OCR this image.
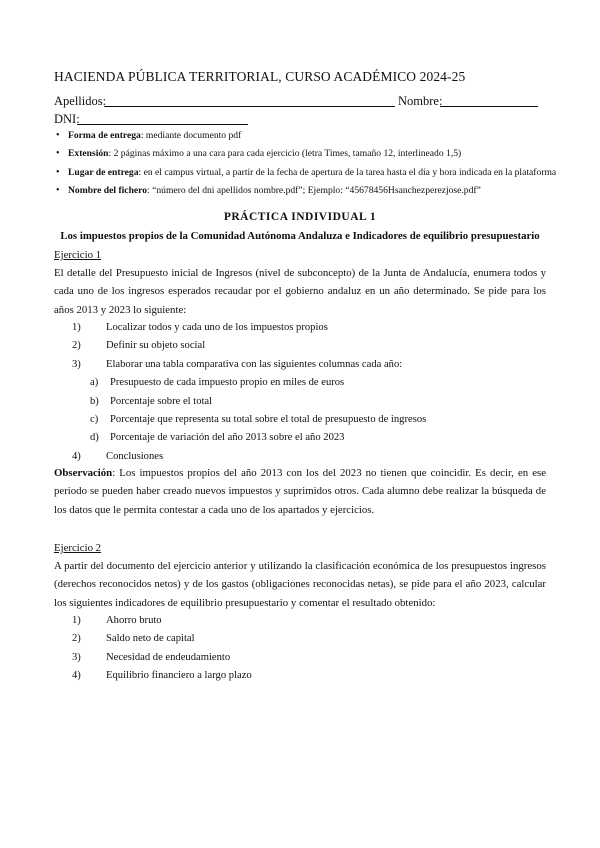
HACIENDA PÚBLICA TERRITORIAL, CURSO ACADÉMICO 2024-25
Apellidos:	Nombre:
DNI:
• Forma de entrega: mediante documento pdf
• Extensión: 2 páginas máximo a una cara para cada ejercicio (letra Times, tamaño 12, interlineado 1,5)
• Lugar de entrega: en el campus virtual, a partir de la fecha de apertura de la tarea hasta el día y hora indicada en la plataforma
• Nombre del fichero: “número del dni apellidos nombre.pdf”; Ejemplo: “45678456Hsanchezperezjose.pdf”
PRÁCTICA INDIVIDUAL 1
Los impuestos propios de la Comunidad Autónoma Andaluza e Indicadores de equilibrio presupuestario
Ejercicio 1
El detalle del Presupuesto inicial de Ingresos (nivel de subconcepto) de la Junta de Andalucía, enumera todos y cada uno de los ingresos esperados recaudar por el gobierno andaluz en un año determinado. Se pide para los años 2013 y 2023 lo siguiente:
1) Localizar todos y cada uno de los impuestos propios
2) Definir su objeto social
3) Elaborar una tabla comparativa con las siguientes columnas cada año:
a) Presupuesto de cada impuesto propio en miles de euros
b) Porcentaje sobre el total
c) Porcentaje que representa su total sobre el total de presupuesto de ingresos
d) Porcentaje de variación del año 2013 sobre el año 2023
4) Conclusiones
Observación: Los impuestos propios del año 2013 con los del 2023 no tienen que coincidir. Es decir, en ese periodo se pueden haber creado nuevos impuestos y suprimidos otros. Cada alumno debe realizar la búsqueda de los datos que le permita contestar a cada uno de los apartados y ejercicios.
Ejercicio 2
A partir del documento del ejercicio anterior y utilizando la clasificación económica de los presupuestos ingresos (derechos reconocidos netos) y de los gastos (obligaciones reconocidas netas), se pide para el año 2023, calcular los siguientes indicadores de equilibrio presupuestario y comentar el resultado obtenido:
1) Ahorro bruto
2) Saldo neto de capital
3) Necesidad de endeudamiento
4) Equilibrio financiero a largo plazo
